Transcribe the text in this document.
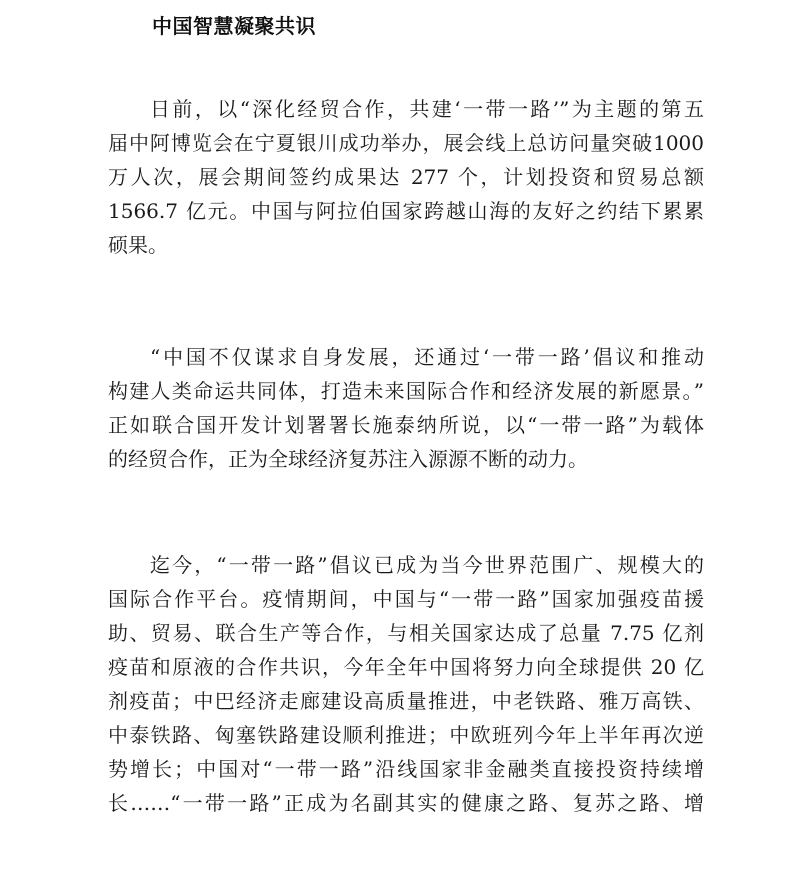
中国智慧凝聚共识
日前，以“深化经贸合作，共建‘一带一路’”为主题的第五
届中阿博览会在宁夏银川成功举办，展会线上总访问量突破1000
万人次，展会期间签约成果达 277 个，计划投资和贸易总额
1566.7 亿元。中国与阿拉伯国家跨越山海的友好之约结下累累
硕果。
“中国不仅谋求自身发展，还通过‘一带一路’倡议和推动
构建人类命运共同体，打造未来国际合作和经济发展的新愿景。”
正如联合国开发计划署署长施泰纳所说，以“一带一路”为载体
的经贸合作，正为全球经济复苏注入源源不断的动力。
迄今，“一带一路”倡议已成为当今世界范围广、规模大的
国际合作平台。疫情期间，中国与“一带一路”国家加强疫苗援
助、贸易、联合生产等合作，与相关国家达成了总量 7.75 亿剂
疫苗和原液的合作共识，今年全年中国将努力向全球提供 20 亿
剂疫苗；中巴经济走廊建设高质量推进，中老铁路、雅万高铁、
中泰铁路、匈塞铁路建设顺利推进；中欧班列今年上半年再次逆
势增长；中国对“一带一路”沿线国家非金融类直接投资持续增
长……“一带一路”正成为名副其实的健康之路、复苏之路、增
